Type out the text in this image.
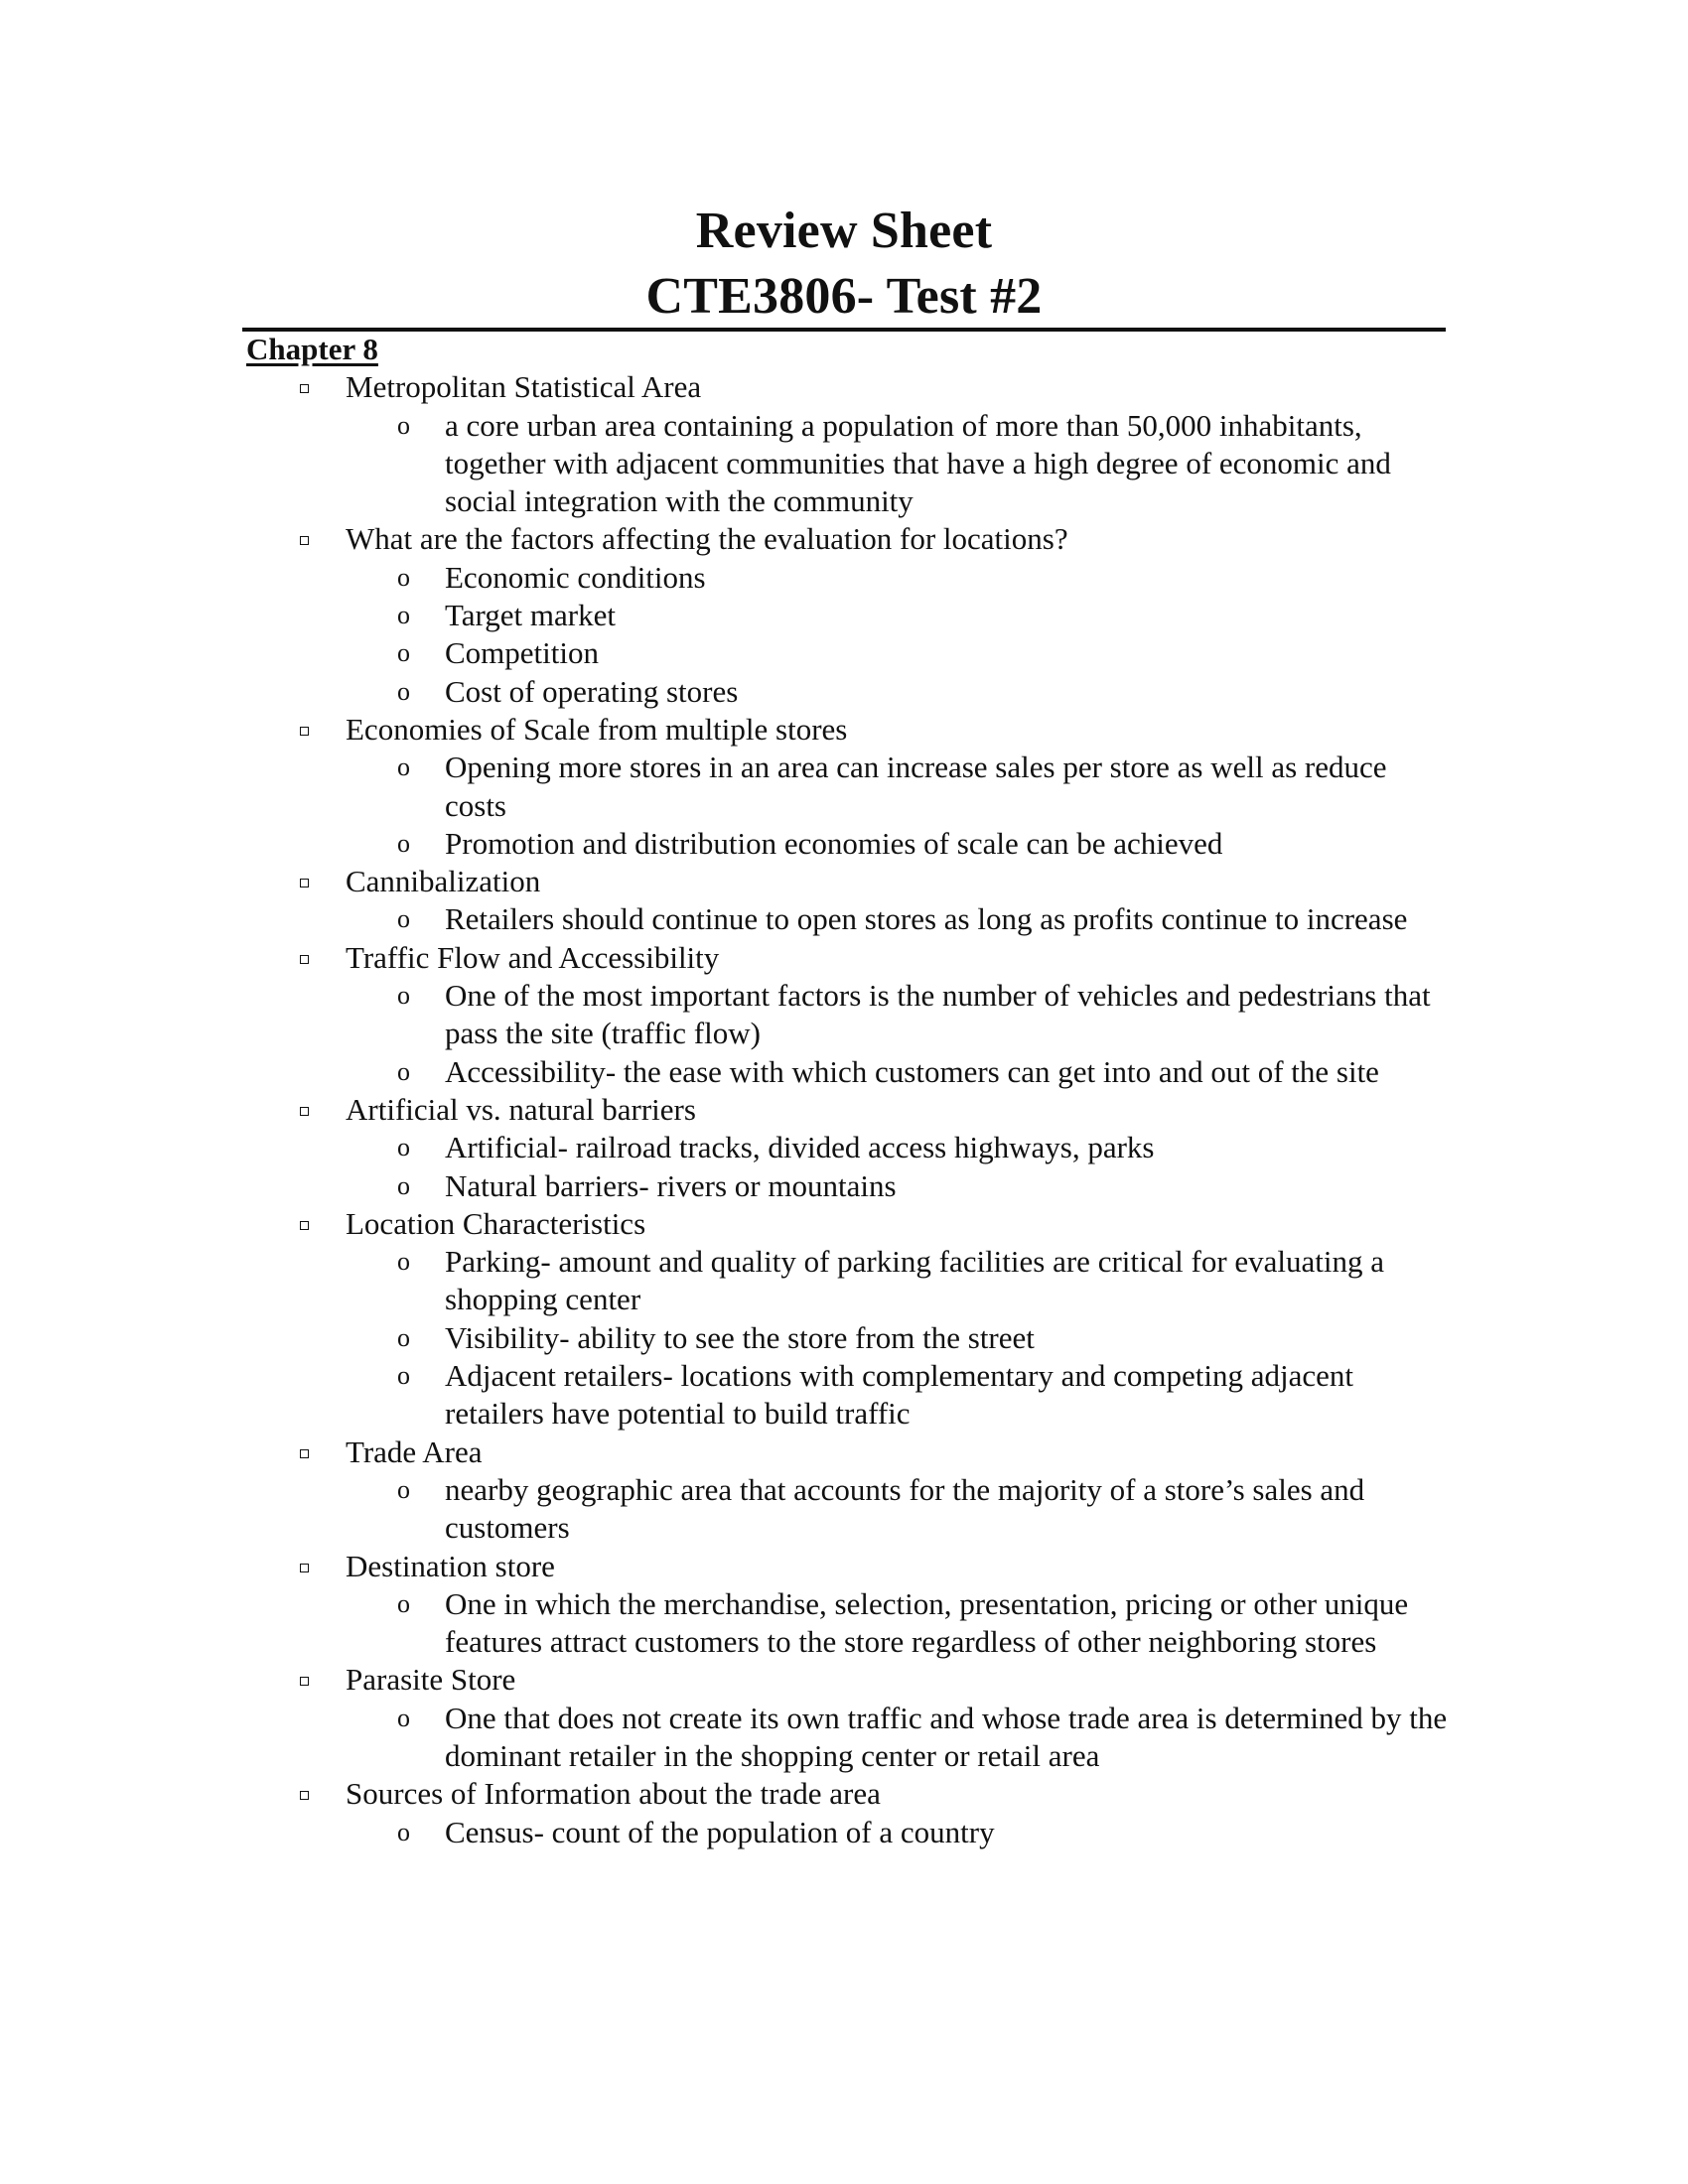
Review Sheet
CTE3806- Test #2
Chapter 8
Metropolitan Statistical Area
o a core urban area containing a population of more than 50,000 inhabitants, together with adjacent communities that have a high degree of economic and social integration with the community
What are the factors affecting the evaluation for locations?
o Economic conditions
o Target market
o Competition
o Cost of operating stores
Economies of Scale from multiple stores
o Opening more stores in an area can increase sales per store as well as reduce costs
o Promotion and distribution economies of scale can be achieved
Cannibalization
o Retailers should continue to open stores as long as profits continue to increase
Traffic Flow and Accessibility
o One of the most important factors is the number of vehicles and pedestrians that pass the site (traffic flow)
o Accessibility- the ease with which customers can get into and out of the site
Artificial vs. natural barriers
o Artificial- railroad tracks, divided access highways, parks
o Natural barriers- rivers or mountains
Location Characteristics
o Parking- amount and quality of parking facilities are critical for evaluating a shopping center
o Visibility- ability to see the store from the street
o Adjacent retailers- locations with complementary and competing adjacent retailers have potential to build traffic
Trade Area
o nearby geographic area that accounts for the majority of a store’s sales and customers
Destination store
o One in which the merchandise, selection, presentation, pricing or other unique features attract customers to the store regardless of other neighboring stores
Parasite Store
o One that does not create its own traffic and whose trade area is determined by the dominant retailer in the shopping center or retail area
Sources of Information about the trade area
o Census- count of the population of a country
